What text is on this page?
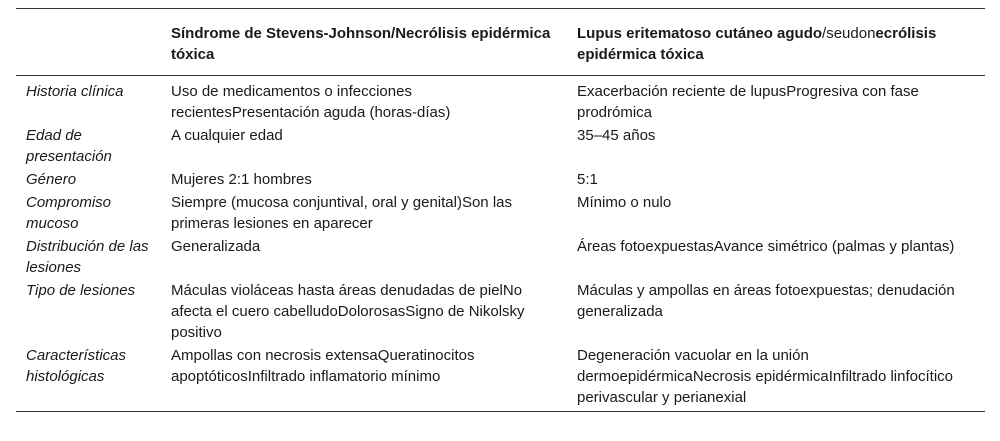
	Síndrome de Stevens-Johnson/Necrólisis epidérmica tóxica	Lupus eritematoso cutáneo agudo/seudonecrólisis epidérmica tóxica
Historia clínica	Uso de medicamentos o infecciones recientesPresentación aguda (horas-días)	Exacerbación reciente de lupusProgresiva con fase prodrómica
Edad de presentación	A cualquier edad	35–45 años
Género	Mujeres 2:1 hombres	5:1
Compromiso mucoso	Siempre (mucosa conjuntival, oral y genital)Son las primeras lesiones en aparecer	Mínimo o nulo
Distribución de las lesiones	Generalizada	Áreas fotoexpuestasAvance simétrico (palmas y plantas)
Tipo de lesiones	Máculas violáceas hasta áreas denudadas de pielNo afecta el cuero cabelludoDolorosasSigno de Nikolsky positivo	Máculas y ampollas en áreas fotoexpuestas; denudación generalizada
Características histológicas	Ampollas con necrosis extensaQueratinocitos apoptóticosInfiltrado inflamatorio mínimo	Degeneración vacuolar en la unión dermoepidérmicaNecrosis epidérmicaInfiltrado linfocítico perivascular y perianexial
